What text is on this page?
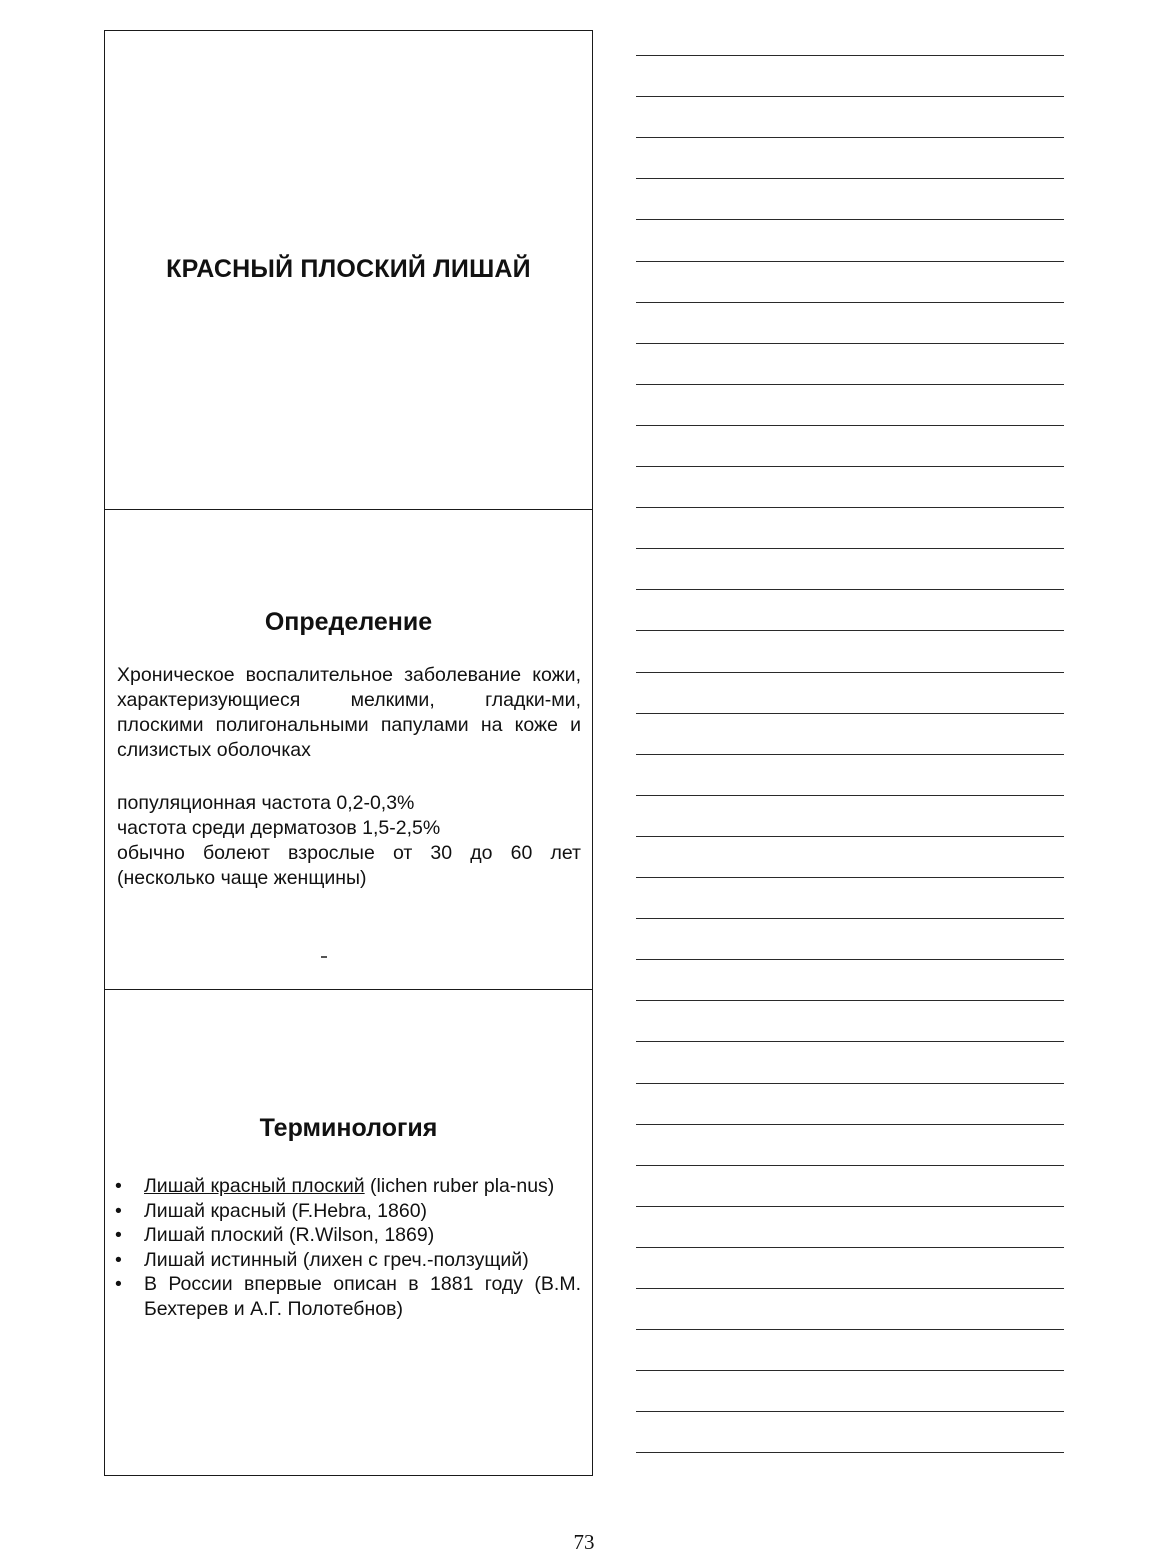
КРАСНЫЙ ПЛОСКИЙ ЛИШАЙ
Определение
Хроническое воспалительное заболевание кожи, характеризующиеся мелкими, гладки-ми, плоскими полигональными папулами на коже и слизистых оболочках
популяционная частота 0,2-0,3%
частота среди дерматозов 1,5-2,5%
обычно болеют взрослые от 30 до 60 лет
(несколько чаще женщины)
Терминология
• Лишай красный плоский (lichen ruber pla-nus)
• Лишай красный (F.Hebra, 1860)
• Лишай плоский (R.Wilson, 1869)
• Лишай истинный (лихен с греч.-ползущий)
• В России впервые описан в 1881 году (В.М. Бехтерев и А.Г. Полотебнов)
73
